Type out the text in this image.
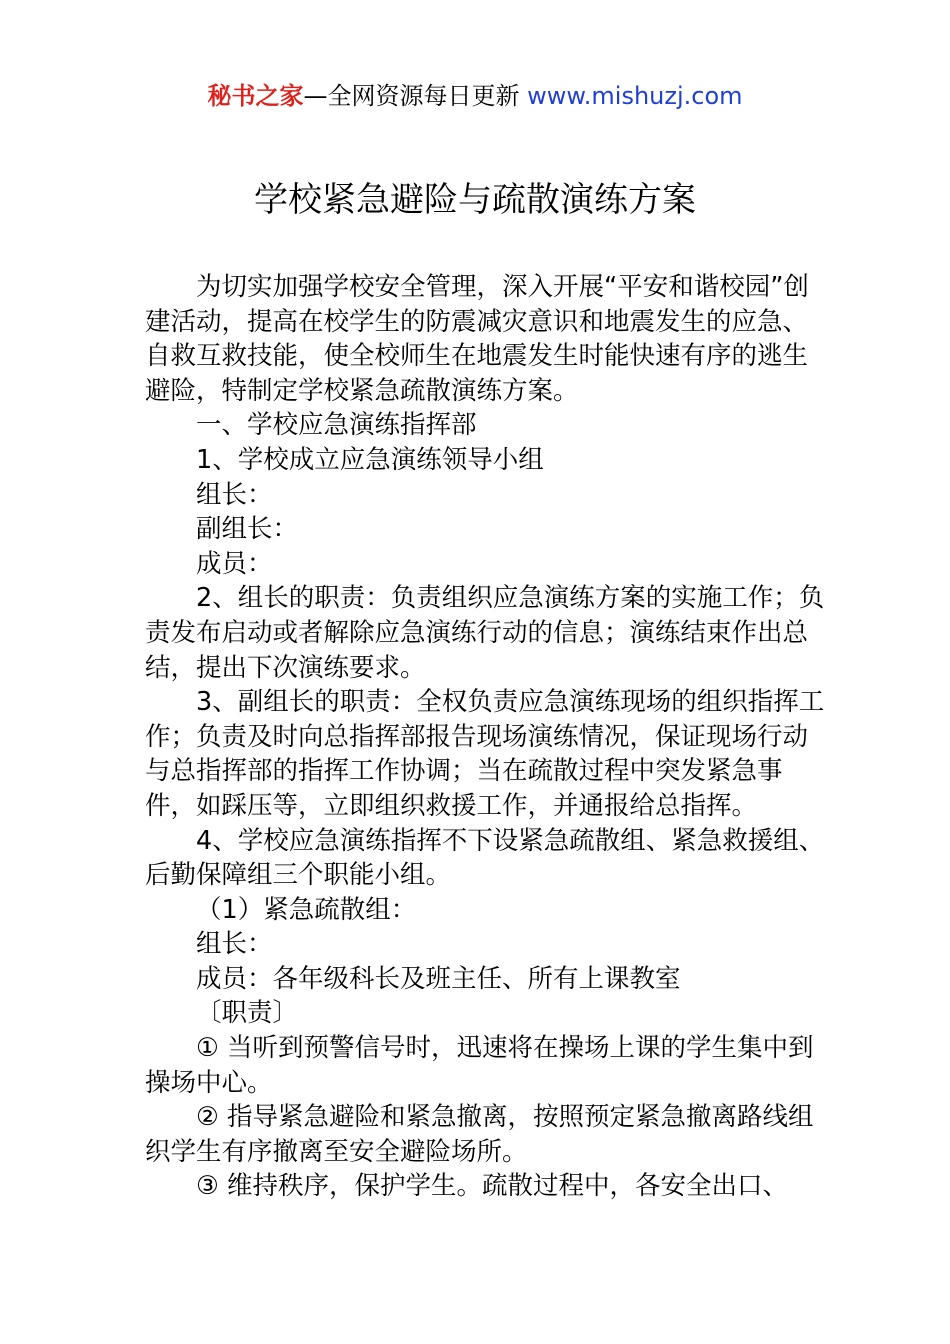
秘书之家—全网资源每日更新 www.mishuzj.com
学校紧急避险与疏散演练方案

为切实加强学校安全管理，深入开展“平安和谐校园”创建活动，提高在校学生的防震减灾意识和地震发生的应急、自救互救技能，使全校师生在地震发生时能快速有序的逃生避险，特制定学校紧急疏散演练方案。

一、学校应急演练指挥部

1、学校成立应急演练领导小组

组长：

副组长：

成员：

2、组长的职责：负责组织应急演练方案的实施工作；负责发布启动或者解除应急演练行动的信息；演练结束作出总结，提出下次演练要求。

3、副组长的职责：全权负责应急演练现场的组织指挥工作；负责及时向总指挥部报告现场演练情况，保证现场行动与总指挥部的指挥工作协调；当在疏散过程中突发紧急事件，如踩压等，立即组织救援工作，并通报给总指挥。

4、学校应急演练指挥不下设紧急疏散组、紧急救援组、后勤保障组三个职能小组。

（1）紧急疏散组：

组长：

成员：各年级科长及班主任、所有上课教室

〔职责〕

① 当听到预警信号时，迅速将在操场上课的学生集中到操场中心。

② 指导紧急避险和紧急撤离，按照预定紧急撤离路线组织学生有序撤离至安全避险场所。

③ 维持秩序，保护学生。疏散过程中，各安全出口、
